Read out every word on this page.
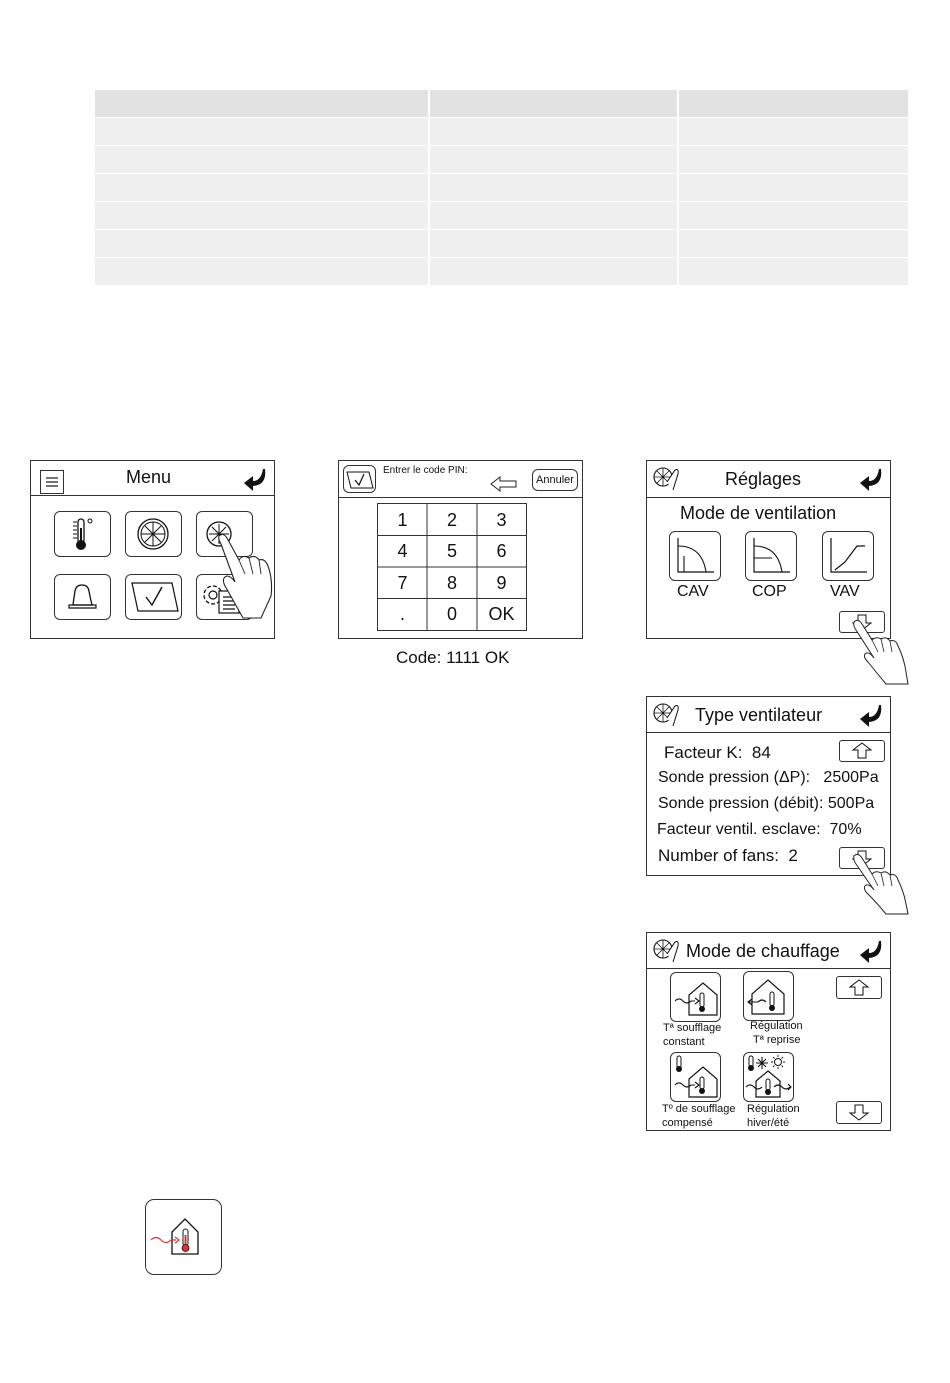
Menu	Entrer le code PIN:
Annuler
1	2	3
4	5	6
7	8	9
.	0	OK
Code: 1111 OK
Réglages
Mode de ventilation
CAV	COP	VAV
Type ventilateur
Facteur K:  84
Sonde pression (ΔP):   2500Pa
Sonde pression (débit): 500Pa
Facteur ventil. esclave:  70%
Number of fans:  2
Mode de chauffage
Tª soufflage
constant
Régulation
Tª reprise
Tº de soufflage
compensé
Régulation
hiver/été
